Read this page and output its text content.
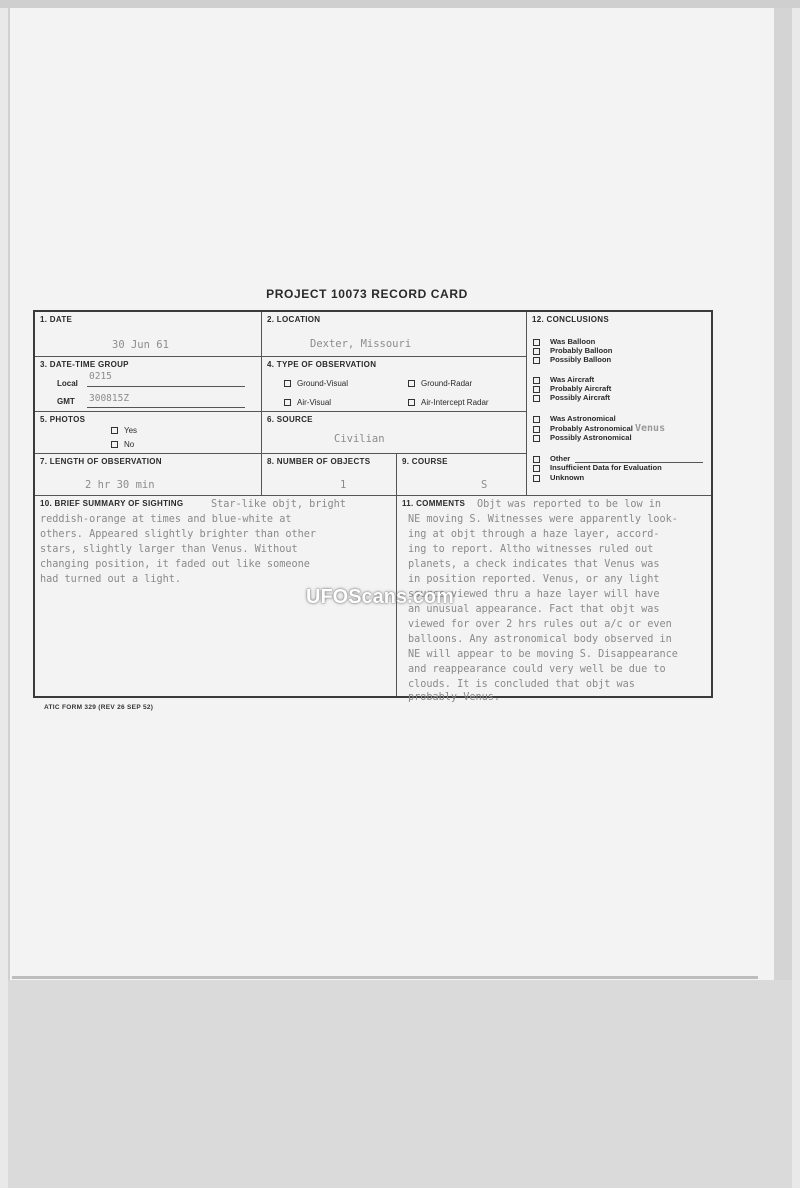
PROJECT 10073 RECORD CARD
1. DATE
30 Jun 61
2. LOCATION
Dexter, Missouri
3. DATE-TIME GROUP
Local
0215
GMT 300815Z
4. TYPE OF OBSERVATION
Ground-Visual	Ground-Radar
Air-Visual	Air-Intercept Radar
5. PHOTOS
Yes
No
6. SOURCE
Civilian
7. LENGTH OF OBSERVATION
2 hr 30 min
8. NUMBER OF OBJECTS
1
9. COURSE
S
12. CONCLUSIONS
Was Balloon
Probably Balloon
Possibly Balloon
Was Aircraft
Probably Aircraft
Possibly Aircraft
Was Astronomical
Probably Astronomical Venus
Possibly Astronomical
Other
Insufficient Data for Evaluation
Unknown
10. BRIEF SUMMARY OF SIGHTING	Star-like objt, bright
reddish-orange at times and blue-white at
others. Appeared slightly brighter than other
stars, slightly larger than Venus. Without
changing position, it faded out like someone
had turned out a light.
11. COMMENTS Objt was reported to be low in
NE moving S. Witnesses were apparently look-
ing at objt through a haze layer, accord-
ing to report. Altho witnesses ruled out
planets, a check indicates that Venus was
in position reported. Venus, or any light
source viewed thru a haze layer will have
an unusual appearance. Fact that objt was
viewed for over 2 hrs rules out a/c or even
balloons. Any astronomical body observed in
NE will appear to be moving S. Disappearance
and reappearance could very well be due to
clouds. It is concluded that objt was
probably Venus.
ATIC FORM 329 (REV 26 SEP 52)
UFOScans.com
